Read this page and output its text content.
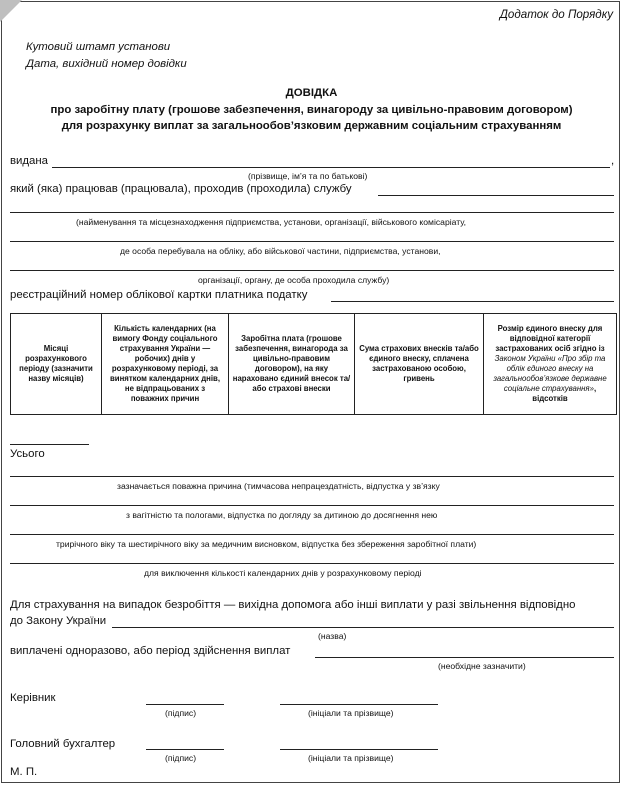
Додаток до Порядку
Кутовий штамп установи
Дата, вихідний номер довідки
ДОВІДКА
про заробітну плату (грошове забезпечення, винагороду за цивільно-правовим договором)
для розрахунку виплат за загальнообов’язковим державним соціальним страхуванням
видана	,
(прізвище, ім’я та по батькові)
який (яка) працював (працювала), проходив (проходила) службу
(найменування та місцезнаходження підприємства, установи, організації, військового комісаріату,
де особа перебувала на обліку, або військової частини, підприємства, установи,
організації, органу, де особа проходила службу)
реєстраційний номер облікової картки платника податку
Місяці розрахункового періоду (зазначити назву місяців)	Кількість календарних (на вимогу Фонду соціального страхування України — робочих) днів у розрахунковому періоді, за винятком календарних днів, не відпрацьованих з поважних причин	Заробітна плата (грошове забезпечення, винагорода за цивільно-правовим договором), на яку нараховано єдиний внесок та/або страхові внески	Сума страхових внесків та/або єдиного внеску, сплачена застрахованою особою, гривень	Розмір єдиного внеску для відповідної категорії застрахованих осіб згідно із Законом України «Про збір та облік єдиного внеску на загальнообов’язкове державне соціальне страхування», відсотків
Усього
зазначається поважна причина (тимчасова непрацездатність, відпустка у зв’язку
з вагітністю та пологами, відпустка по догляду за дитиною до досягнення нею
трирічного віку та шестирічного віку за медичним висновком, відпустка без збереження заробітної плати)
для виключення кількості календарних днів у розрахунковому періоді
Для страхування на випадок безробіття — вихідна допомога або інші виплати у разі звільнення відповідно
до Закону України
(назва)
виплачені одноразово, або період здійснення виплат
(необхідне зазначити)
Керівник
(підпис)	(ініціали та прізвище)
Головний бухгалтер
(підпис)	(ініціали та прізвище)
М. П.
